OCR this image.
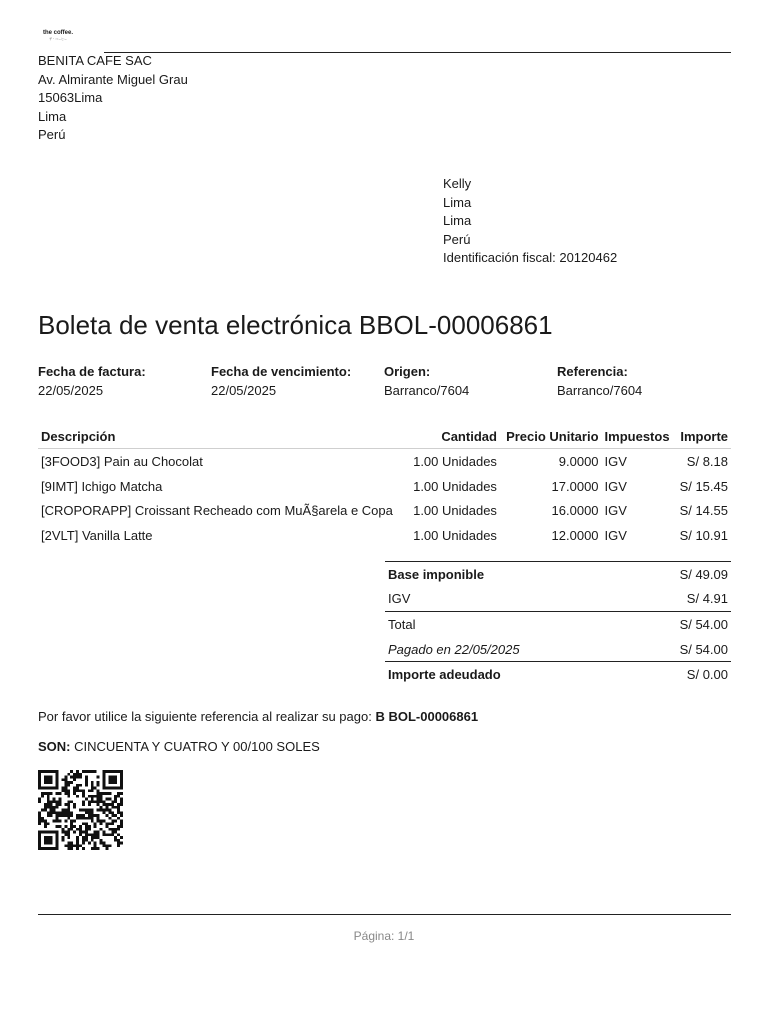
the coffee.
ザ・コーヒー
BENITA CAFE SAC
Av. Almirante Miguel Grau
15063Lima
Lima
Perú
Kelly
Lima
Lima
Perú
Identificación fiscal: 20120462
Boleta de venta electrónica BBOL-00006861
Fecha de factura:
22/05/2025
Fecha de vencimiento:
22/05/2025
Origen:
Barranco/7604
Referencia:
Barranco/7604
Descripción	Cantidad	Precio Unitario	Impuestos	Importe
[3FOOD3] Pain au Chocolat	1.00 Unidades	9.0000	IGV	S/ 8.18
[9IMT] Ichigo Matcha	1.00 Unidades	17.0000	IGV	S/ 15.45
[CROPORAPP] Croissant Recheado com MuÃ§arela e Copa	1.00 Unidades	16.0000	IGV	S/ 14.55
[2VLT] Vanilla Latte	1.00 Unidades	12.0000	IGV	S/ 10.91
Base imponible	S/ 49.09
IGV	S/ 4.91
Total	S/ 54.00
Pagado en 22/05/2025	S/ 54.00
Importe adeudado	S/ 0.00
Por favor utilice la siguiente referencia al realizar su pago: B BOL-00006861
SON: CINCUENTA Y CUATRO Y 00/100 SOLES
Página: 1/1
